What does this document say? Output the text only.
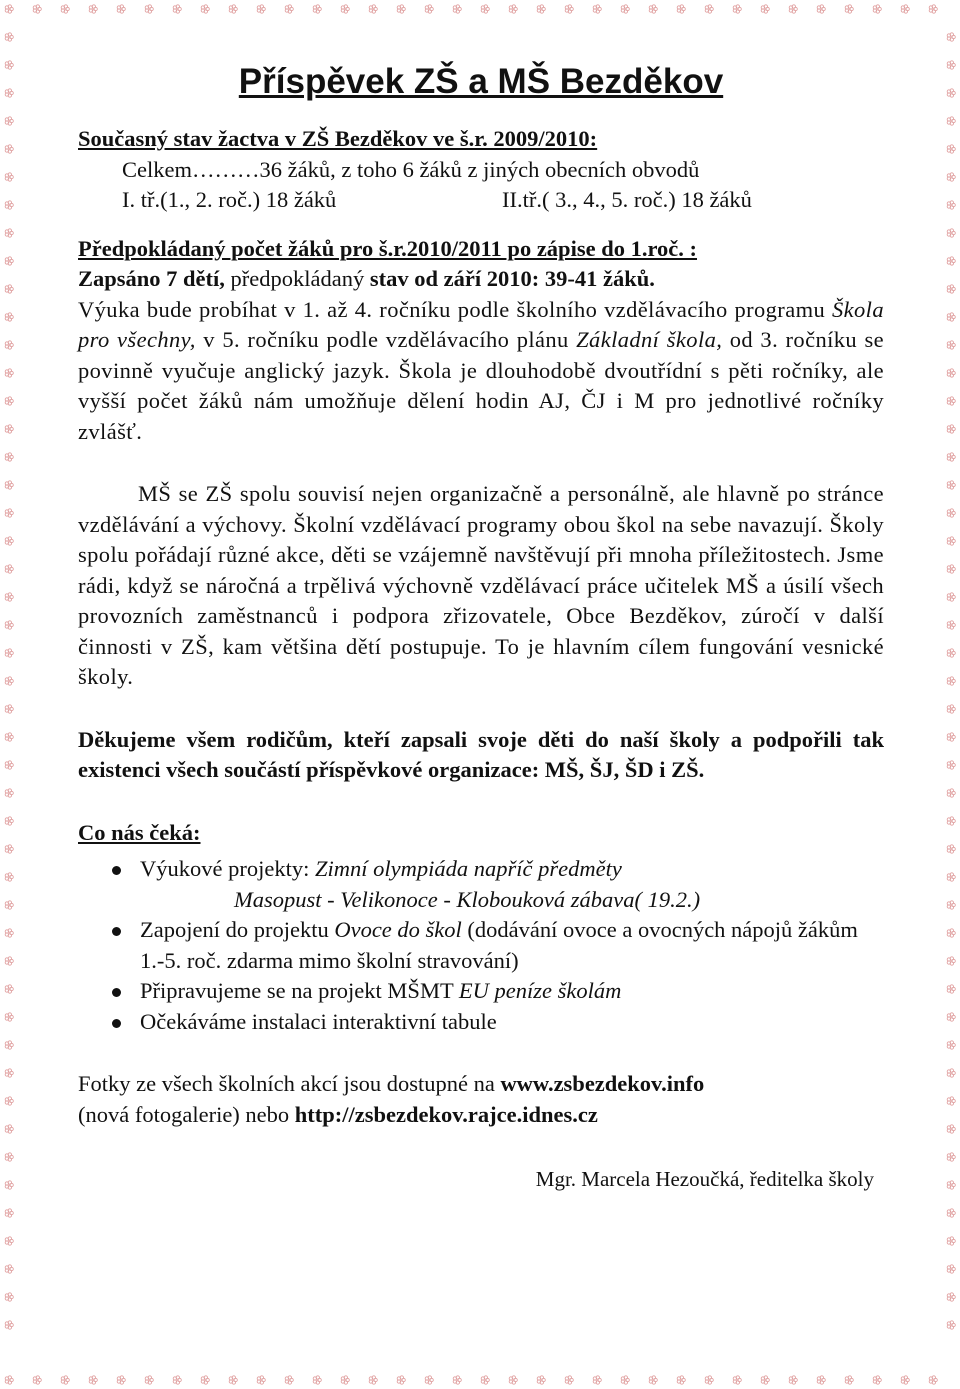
Příspěvek ZŠ a MŠ Bezděkov

Současný stav žactva v ZŠ Bezděkov ve š.r. 2009/2010:

Celkem………36 žáků, z toho 6 žáků z jiných obecních obvodů

I. tř.(1., 2. roč.) 18 žáků	II.tř.( 3., 4., 5. roč.) 18 žáků

Předpokládaný počet žáků pro š.r.2010/2011 po zápise do 1.roč. :

Zapsáno 7 dětí, předpokládaný stav od září 2010: 39-41 žáků.

Výuka bude probíhat v 1. až 4. ročníku podle školního vzdělávacího programu Škola pro všechny, v 5. ročníku podle vzdělávacího plánu Základní škola, od 3. ročníku se povinně vyučuje anglický jazyk. Škola je dlouhodobě dvoutřídní s pěti ročníky, ale vyšší počet žáků nám umožňuje dělení hodin AJ, ČJ i M pro jednotlivé ročníky zvlášť.

MŠ se ZŠ spolu souvisí nejen organizačně a personálně, ale hlavně po stránce vzdělávání a výchovy. Školní vzdělávací programy obou škol na sebe navazují. Školy spolu pořádají různé akce, děti se vzájemně navštěvují při mnoha příležitostech. Jsme rádi, když se náročná a trpělivá výchovně vzdělávací práce učitelek MŠ a úsilí všech provozních zaměstnanců i podpora zřizovatele, Obce Bezděkov, zúročí v další činnosti v ZŠ, kam většina dětí postupuje. To je hlavním cílem fungování vesnické školy.

Děkujeme všem rodičům, kteří zapsali svoje děti do naší školy a podpořili tak existenci všech součástí příspěvkové organizace: MŠ, ŠJ, ŠD i ZŠ.

Co nás čeká:

Výukové projekty: Zimní olympiáda napříč předměty
Masopust - Velikonoce - Klobouková zábava( 19.2.)
Zapojení do projektu Ovoce do škol (dodávání ovoce a ovocných nápojů žákům 1.-5. roč. zdarma mimo školní stravování)
Připravujeme se na projekt MŠMT EU peníze školám
Očekáváme instalaci interaktivní tabule

Fotky ze všech školních akcí jsou dostupné na www.zsbezdekov.info

(nová fotogalerie) nebo http://zsbezdekov.rajce.idnes.cz

Mgr. Marcela Hezoučká, ředitelka školy
